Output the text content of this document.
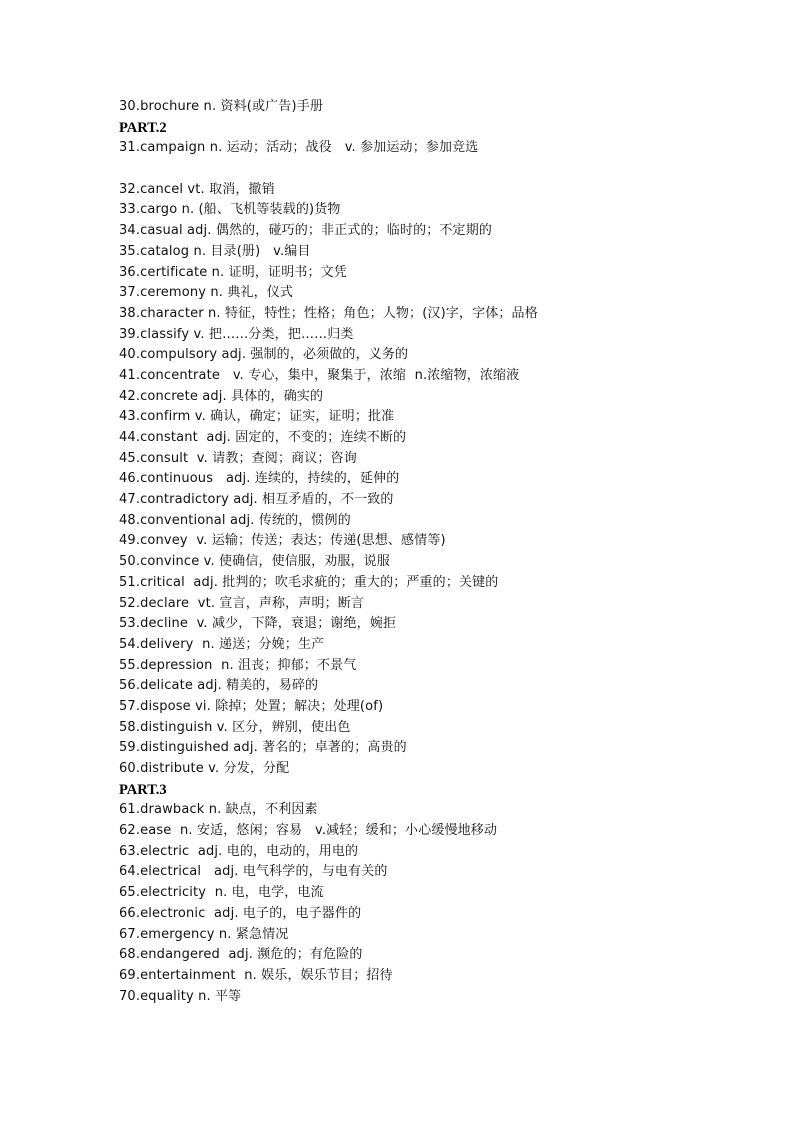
30.brochure n. 资料(或广告)手册
PART.2
31.campaign n. 运动；活动；战役   v. 参加运动；参加竞选
32.cancel vt. 取消，撤销
33.cargo n. (船、飞机等装载的)货物
34.casual adj. 偶然的，碰巧的；非正式的；临时的；不定期的
35.catalog n. 目录(册)   v.编目
36.certificate n. 证明，证明书；文凭
37.ceremony n. 典礼，仪式
38.character n. 特征，特性；性格；角色；人物；(汉)字，字体；品格
39.classify v. 把……分类，把……归类
40.compulsory adj. 强制的，必须做的，义务的
41.concentrate   v. 专心，集中，聚集于，浓缩  n.浓缩物，浓缩液
42.concrete adj. 具体的，确实的
43.confirm v. 确认，确定；证实，证明；批准
44.constant  adj. 固定的，不变的；连续不断的
45.consult  v. 请教；查阅；商议；咨询
46.continuous   adj. 连续的，持续的，延伸的
47.contradictory adj. 相互矛盾的，不一致的
48.conventional adj. 传统的，惯例的
49.convey  v. 运输；传送；表达；传递(思想、感情等)
50.convince v. 使确信，使信服，劝服，说服
51.critical  adj. 批判的；吹毛求疵的；重大的；严重的；关键的
52.declare  vt. 宣言，声称，声明；断言
53.decline  v. 减少，下降，衰退；谢绝，婉拒
54.delivery  n. 递送；分娩；生产
55.depression  n. 沮丧；抑郁；不景气
56.delicate adj. 精美的，易碎的
57.dispose vi. 除掉；处置；解决；处理(of)
58.distinguish v. 区分，辨别，使出色
59.distinguished adj. 著名的；卓著的；高贵的
60.distribute v. 分发，分配
PART.3
61.drawback n. 缺点，不利因素
62.ease  n. 安适，悠闲；容易   v.减轻；缓和；小心缓慢地移动
63.electric  adj. 电的，电动的，用电的
64.electrical   adj. 电气科学的，与电有关的
65.electricity  n. 电，电学，电流
66.electronic  adj. 电子的，电子器件的
67.emergency n. 紧急情况
68.endangered  adj. 濒危的；有危险的
69.entertainment  n. 娱乐，娱乐节目；招待
70.equality n. 平等
